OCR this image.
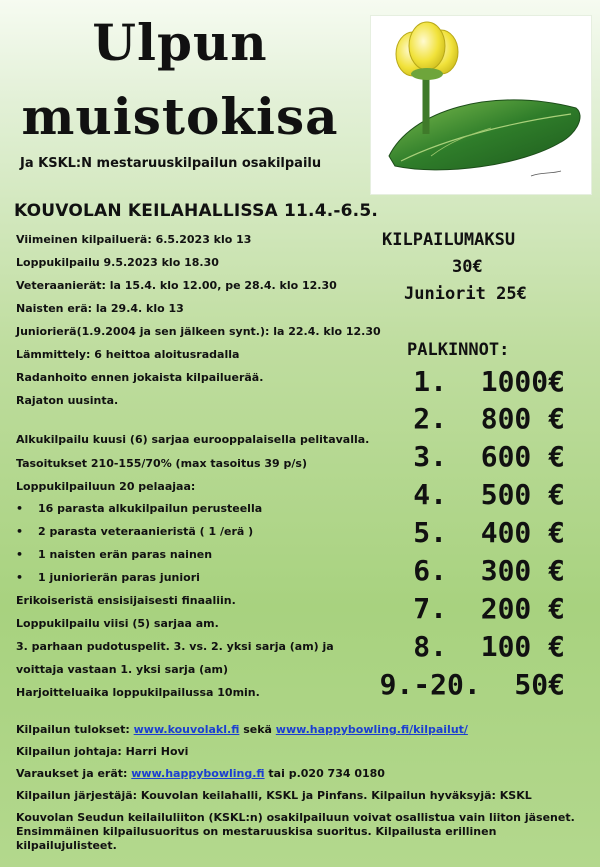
Ulpun
muistokisa
Ja KSKL:N mestaruuskilpailun osakilpailu
KOUVOLAN KEILAHALLISSA 11.4.-6.5.
Viimeinen kilpailuerä: 6.5.2023 klo 13
Loppukilpailu 9.5.2023 klo 18.30
Veteraanierät: la 15.4. klo 12.00, pe 28.4. klo 12.30
Naisten erä: la 29.4. klo 13
Juniorierä(1.9.2004 ja sen jälkeen synt.): la 22.4. klo 12.30
Lämmittely: 6 heittoa aloitusradalla
Radanhoito ennen jokaista kilpailuerää.
Rajaton uusinta.
KILPAILUMAKSU
30€
Juniorit 25€
Alkukilpailu kuusi (6) sarjaa eurooppalaisella pelitavalla.
Tasoitukset 210-155/70% (max tasoitus 39 p/s)
Loppukilpailuun 20 pelaajaa:
• 16 parasta alkukilpailun perusteella
• 2 parasta veteraanieristä ( 1 /erä )
• 1 naisten erän paras nainen
• 1 juniorierän paras juniori
Erikoiseristä ensisijaisesti finaaliin.
Loppukilpailu viisi (5) sarjaa am.
3. parhaan pudotuspelit. 3. vs. 2. yksi sarja (am) ja
voittaja vastaan 1. yksi sarja (am)
Harjoitteluaika loppukilpailussa 10min.
PALKINNOT:
1.  1000€
2.  800 €
3.  600 €
4.  500 €
5.  400 €
6.  300 €
7.  200 €
8.  100 €
9.-20.  50€
Kilpailun tulokset: www.kouvolakl.fi sekä www.happybowling.fi/kilpailut/
Kilpailun johtaja: Harri Hovi
Varaukset ja erät: www.happybowling.fi tai p.020 734 0180
Kilpailun järjestäjä: Kouvolan keilahalli, KSKL ja Pinfans. Kilpailun hyväksyjä: KSKL
Kouvolan Seudun keilailuliiton (KSKL:n) osakilpailuun voivat osallistua vain liiton jäsenet. Ensimmäinen kilpailusuoritus on mestaruuskisa suoritus. Kilpailusta erillinen kilpailujulisteet.
